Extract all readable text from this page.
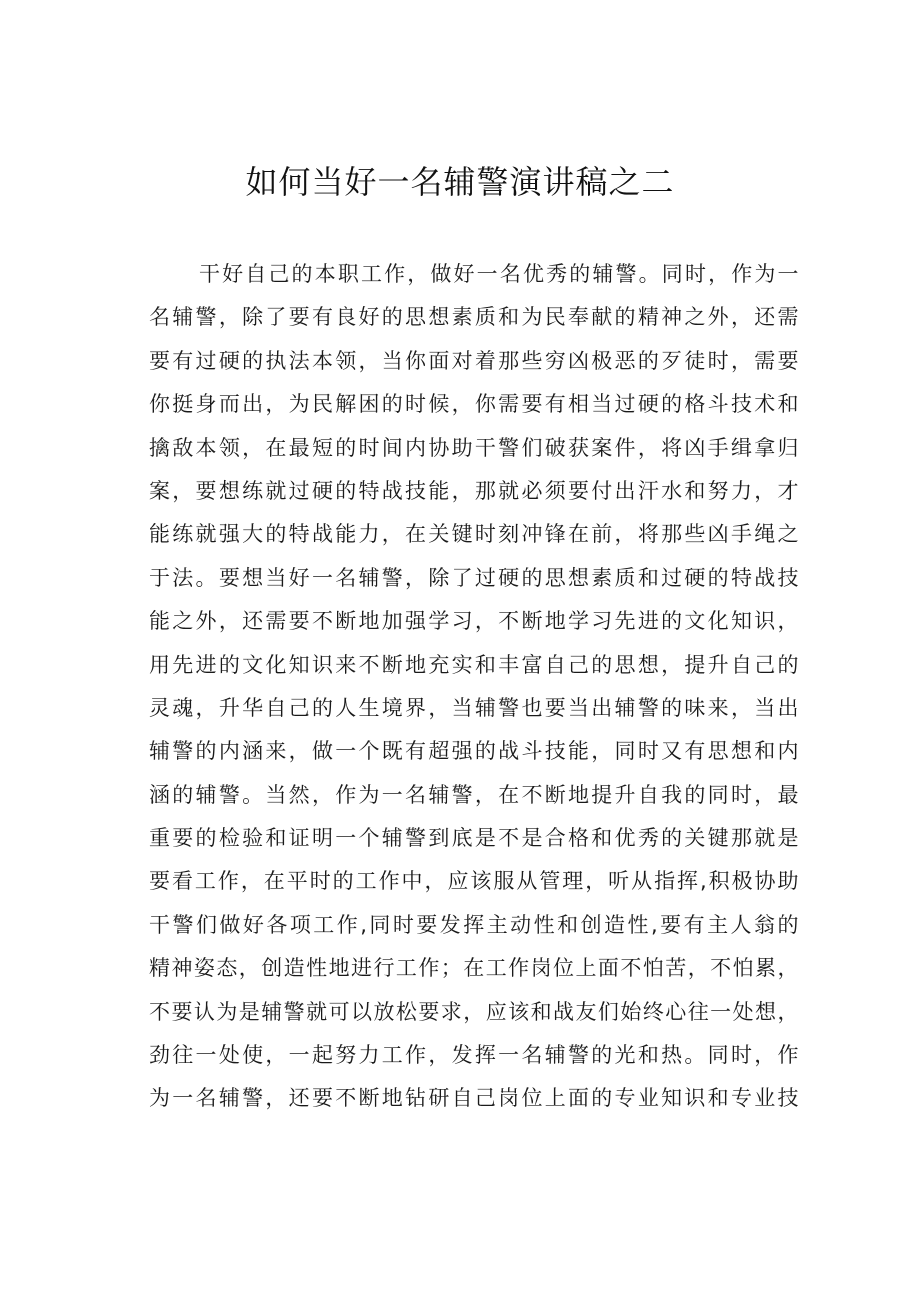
如何当好一名辅警演讲稿之二
干好自己的本职工作，做好一名优秀的辅警。同时，作为一
名辅警，除了要有良好的思想素质和为民奉献的精神之外，还需
要有过硬的执法本领，当你面对着那些穷凶极恶的歹徒时，需要
你挺身而出，为民解困的时候，你需要有相当过硬的格斗技术和
擒敌本领，在最短的时间内协助干警们破获案件，将凶手缉拿归
案，要想练就过硬的特战技能，那就必须要付出汗水和努力，才
能练就强大的特战能力，在关键时刻冲锋在前，将那些凶手绳之
于法。要想当好一名辅警，除了过硬的思想素质和过硬的特战技
能之外，还需要不断地加强学习，不断地学习先进的文化知识，
用先进的文化知识来不断地充实和丰富自己的思想，提升自己的
灵魂，升华自己的人生境界，当辅警也要当出辅警的味来，当出
辅警的内涵来，做一个既有超强的战斗技能，同时又有思想和内
涵的辅警。当然，作为一名辅警，在不断地提升自我的同时，最
重要的检验和证明一个辅警到底是不是合格和优秀的关键那就是
要看工作，在平时的工作中，应该服从管理，听从指挥,积极协助
干警们做好各项工作,同时要发挥主动性和创造性,要有主人翁的
精神姿态，创造性地进行工作；在工作岗位上面不怕苦，不怕累，
不要认为是辅警就可以放松要求，应该和战友们始终心往一处想，
劲往一处使，一起努力工作，发挥一名辅警的光和热。同时，作
为一名辅警，还要不断地钻研自己岗位上面的专业知识和专业技
